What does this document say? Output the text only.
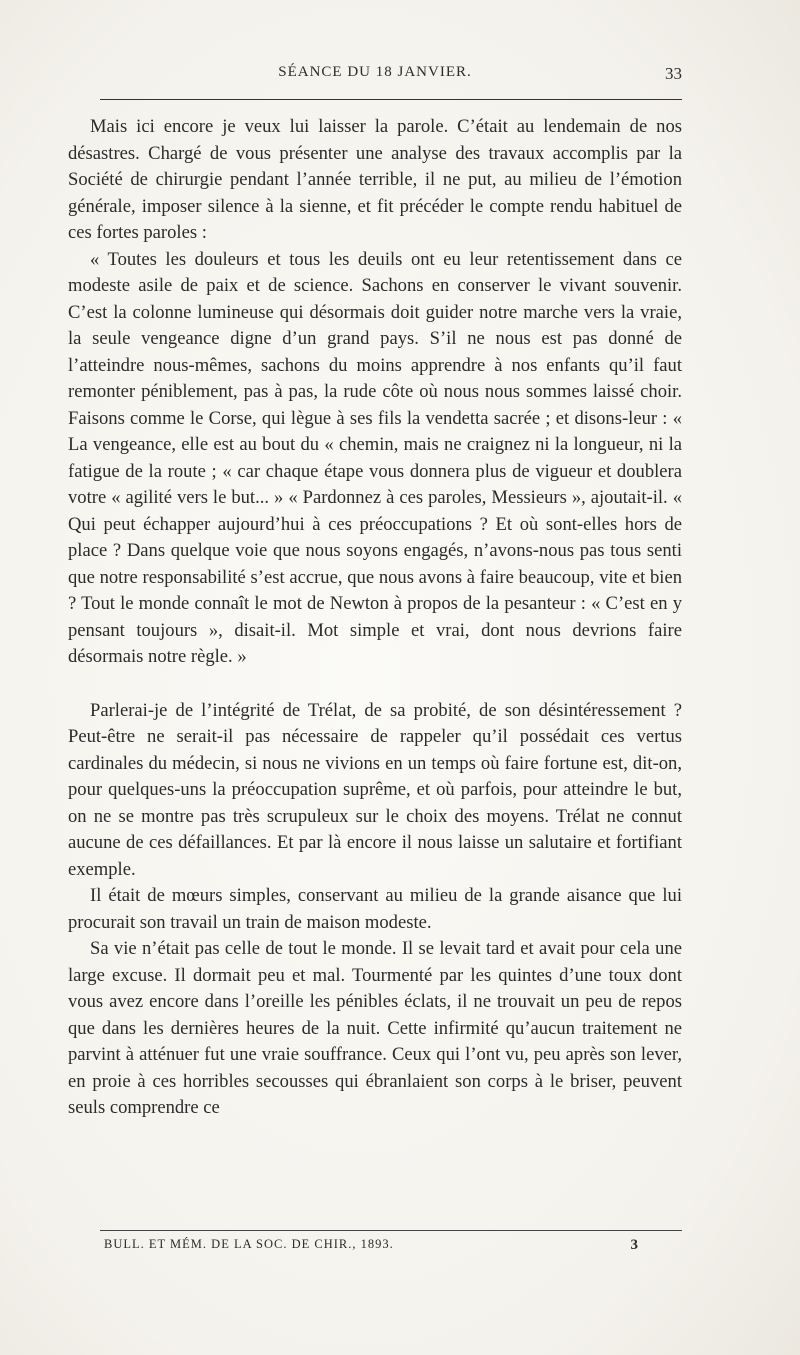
SÉANCE DU 18 JANVIER.	33

Mais ici encore je veux lui laisser la parole. C’était au lendemain de nos désastres. Chargé de vous présenter une analyse des travaux accomplis par la Société de chirurgie pendant l’année terrible, il ne put, au milieu de l’émotion générale, imposer silence à la sienne, et fit précéder le compte rendu habituel de ces fortes paroles :

« Toutes les douleurs et tous les deuils ont eu leur retentissement dans ce modeste asile de paix et de science. Sachons en conserver le vivant souvenir. C’est la colonne lumineuse qui désormais doit guider notre marche vers la vraie, la seule vengeance digne d’un grand pays. S’il ne nous est pas donné de l’atteindre nous-mêmes, sachons du moins apprendre à nos enfants qu’il faut remonter péniblement, pas à pas, la rude côte où nous nous sommes laissé choir. Faisons comme le Corse, qui lègue à ses fils la vendetta sacrée ; et disons-leur : « La vengeance, elle est au bout du « chemin, mais ne craignez ni la longueur, ni la fatigue de la route ; « car chaque étape vous donnera plus de vigueur et doublera votre « agilité vers le but... » « Pardonnez à ces paroles, Messieurs », ajoutait-il. « Qui peut échapper aujourd’hui à ces préoccupations ? Et où sont-elles hors de place ? Dans quelque voie que nous soyons engagés, n’avons-nous pas tous senti que notre responsabilité s’est accrue, que nous avons à faire beaucoup, vite et bien ? Tout le monde connaît le mot de Newton à propos de la pesanteur : « C’est en y pensant toujours », disait-il. Mot simple et vrai, dont nous devrions faire désormais notre règle. »

Parlerai-je de l’intégrité de Trélat, de sa probité, de son désintéressement ? Peut-être ne serait-il pas nécessaire de rappeler qu’il possédait ces vertus cardinales du médecin, si nous ne vivions en un temps où faire fortune est, dit-on, pour quelques-uns la préoccupation suprême, et où parfois, pour atteindre le but, on ne se montre pas très scrupuleux sur le choix des moyens. Trélat ne connut aucune de ces défaillances. Et par là encore il nous laisse un salutaire et fortifiant exemple.

Il était de mœurs simples, conservant au milieu de la grande aisance que lui procurait son travail un train de maison modeste.

Sa vie n’était pas celle de tout le monde. Il se levait tard et avait pour cela une large excuse. Il dormait peu et mal. Tourmenté par les quintes d’une toux dont vous avez encore dans l’oreille les pénibles éclats, il ne trouvait un peu de repos que dans les dernières heures de la nuit. Cette infirmité qu’aucun traitement ne parvint à atténuer fut une vraie souffrance. Ceux qui l’ont vu, peu après son lever, en proie à ces horribles secousses qui ébranlaient son corps à le briser, peuvent seuls comprendre ce

BULL. ET MÉM. DE LA SOC. DE CHIR., 1893.	3
